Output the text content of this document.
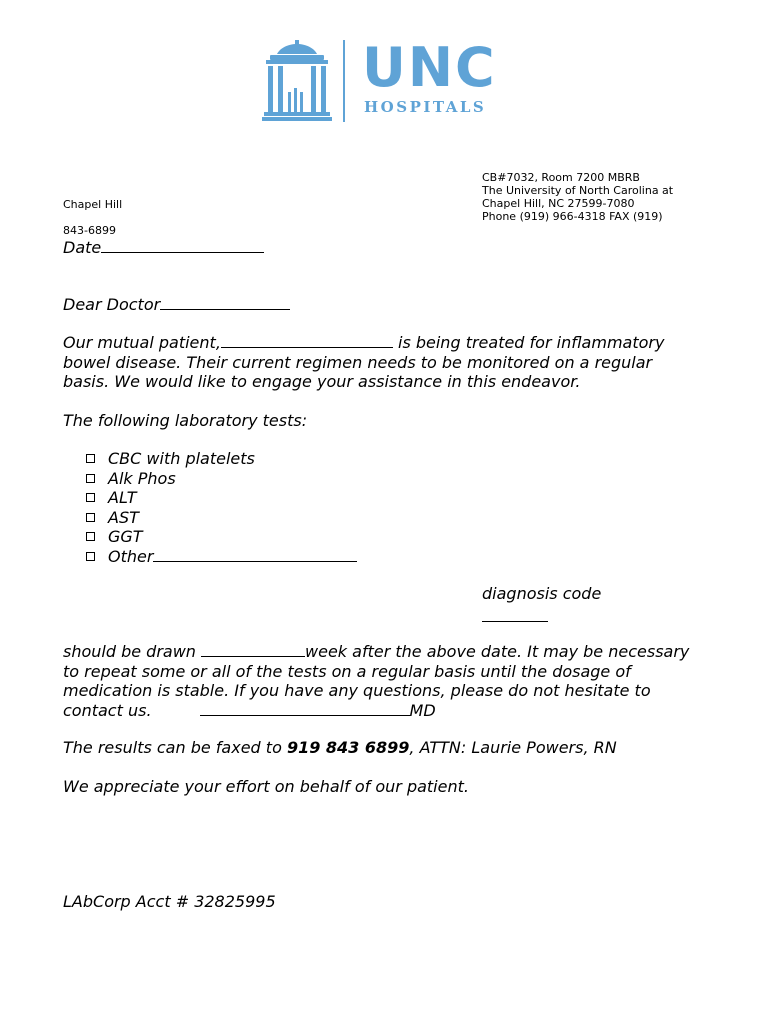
UNC
HOSPITALS
CB#7032, Room 7200 MBRB
The University of North Carolina at
Chapel Hill, NC 27599-7080
Phone (919) 966-4318 FAX (919)
Chapel Hill
843-6899
Date
Dear Doctor
Our mutual patient,	is being treated for inflammatory
bowel disease. Their current regimen needs to be monitored on a regular
basis. We would like to engage your assistance in this endeavor.
The following laboratory tests:
CBC with platelets
Alk Phos
ALT
AST
GGT
Other
diagnosis code
should be drawn	week after the above date. It may be necessary
to repeat some or all of the tests on a regular basis until the dosage of
medication is stable. If you have any questions, please do not hesitate to
contact us.	MD
The results can be faxed to 919 843 6899, ATTN: Laurie Powers, RN
We appreciate your effort on behalf of our patient.
LAbCorp Acct # 32825995
